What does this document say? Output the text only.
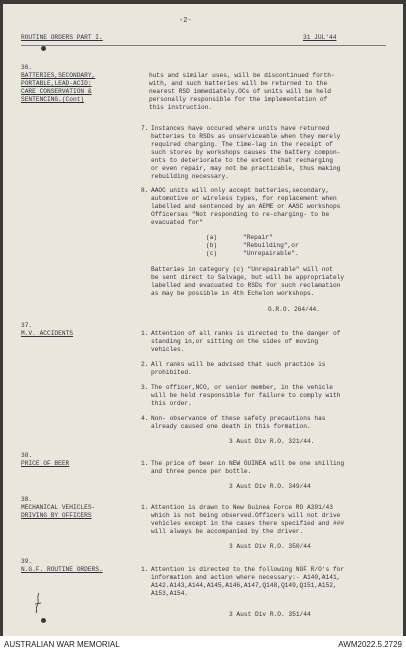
-2-
ROUTINE ORDERS PART I.	31 JUL'44
36.
BATTERIES,SECONDARY,
PORTABLE,LEAD-ACID:
CARE CONSERVATION &
SENTENCING.(Cont)
huts and similar uses, will be discontinued forth-
with, and such batteries will be returned to the
nearest RSD immediately.OCs of units will be held
personally responsible for the implementation of
this instruction.
7. Instances have occured where units have returned
batteries to RSDs as unserviceable when they merely
required charging. The time-lag in the receipt of
such stores by workshops causes the battery compon-
ents to deteriorate to the extent that recharging
or even repair, may not be practicable, thus making
rebuilding necessary.
8. AAOC units will only accept batteries,secondary,
automotive or wireless types, for replacement when
labelled and sentenced by an AEME or AASC workshops
Officersas "Not responding to re-charging- to be
evacuated for"
(a)	"Repair"
(b)	"Rebuilding",or
(c)	"Unrepairable".
Batteries in category (c) "Unrepairable" will not
be sent direct to Salvage, but will be appropriately
labelled and evacuated to RSDs for such reclamation
as may be possible in 4th Echelon workshops.
G.R.O. 264/44.
37.
M.V. ACCIDENTS	1. Attention of all ranks is directed to the danger of
standing in,or sitting on the sides of moving
vehicles.
2. All ranks will be advised that such practice is
prohibited.
3. The officer,NCO, or senior member, in the vehicle
will be held responsible for failure to comply with
this order.
4. Non- observance of these safety precautions has
already caused one death in this formation.
3 Aust Div R.O. 321/44.
38.
PRICE OF BEER	1. The price of beer in NEW GUINEA will be one shilling
and three pence per bottle.
3 Aust Div R.O. 349/44
38.
MECHANICAL VEHICLES-
DRIVING BY OFFICERS
1. Attention is drawn to New Guinea Force RO A391/43
which is not being observed.Officers will not drive
vehicles except in the cases there specified and ###
will always be accompanied by the driver.
3 Aust Div R.O. 350/44
39.
N.G.F. ROUTINE ORDERS.	1. Attention is directed to the following NGF R/O's for
information and action where necessary:- A140,A141,
A142.A143,A144,A145,A146,A147,Q148,Q149,Q151,A152,
A153,A154.
3 Aust Div R.O. 351/44
AUSTRALIAN WAR MEMORIAL	AWM2022.5.2729
